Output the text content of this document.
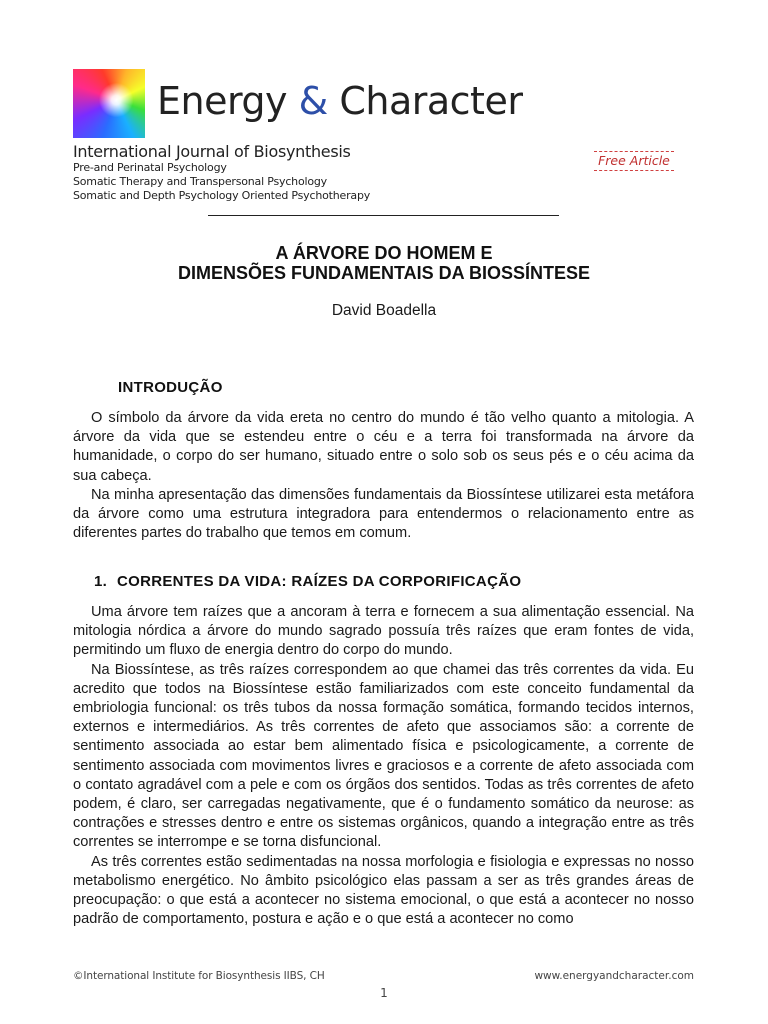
Energy & Character
International Journal of Biosynthesis
Pre-and Perinatal Psychology
Somatic Therapy and Transpersonal Psychology
Somatic and Depth Psychology Oriented Psychotherapy
Free Article
A ÁRVORE DO HOMEM E
DIMENSÕES FUNDAMENTAIS DA BIOSSÍNTESE
David Boadella
INTRODUÇÃO

O símbolo da árvore da vida ereta no centro do mundo é tão velho quanto a mitologia. A árvore da vida que se estendeu entre o céu e a terra foi transformada na árvore da humanidade, o corpo do ser humano, situado entre o solo sob os seus pés e o céu acima da sua cabeça.

Na minha apresentação das dimensões fundamentais da Biossíntese utilizarei esta metáfora da árvore como uma estrutura integradora para entendermos o relacionamento entre as diferentes partes do trabalho que temos em comum.

1. CORRENTES DA VIDA: RAÍZES DA CORPORIFICAÇÃO

Uma árvore tem raízes que a ancoram à terra e fornecem a sua alimentação essencial. Na mitologia nórdica a árvore do mundo sagrado possuía três raízes que eram fontes de vida, permitindo um fluxo de energia dentro do corpo do mundo.

Na Biossíntese, as três raízes correspondem ao que chamei das três correntes da vida. Eu acredito que todos na Biossíntese estão familiarizados com este conceito fundamental da embriologia funcional: os três tubos da nossa formação somática, formando tecidos internos, externos e intermediários. As três correntes de afeto que associamos são: a corrente de sentimento associada ao estar bem alimentado física e psicologicamente, a corrente de sentimento associada com movimentos livres e graciosos e a corrente de afeto associada com o contato agradável com a pele e com os órgãos dos sentidos. Todas as três correntes de afeto podem, é claro, ser carregadas negativamente, que é o fundamento somático da neurose: as contrações e stresses dentro e entre os sistemas orgânicos, quando a integração entre as três correntes se interrompe e se torna disfuncional.

As três correntes estão sedimentadas na nossa morfologia e fisiologia e expressas no nosso metabolismo energético. No âmbito psicológico elas passam a ser as três grandes áreas de preocupação: o que está a acontecer no sistema emocional, o que está a acontecer no nosso padrão de comportamento, postura e ação e o que está a acontecer no como

©International Institute for Biosynthesis IIBS, CH	www.energyandcharacter.com
1
